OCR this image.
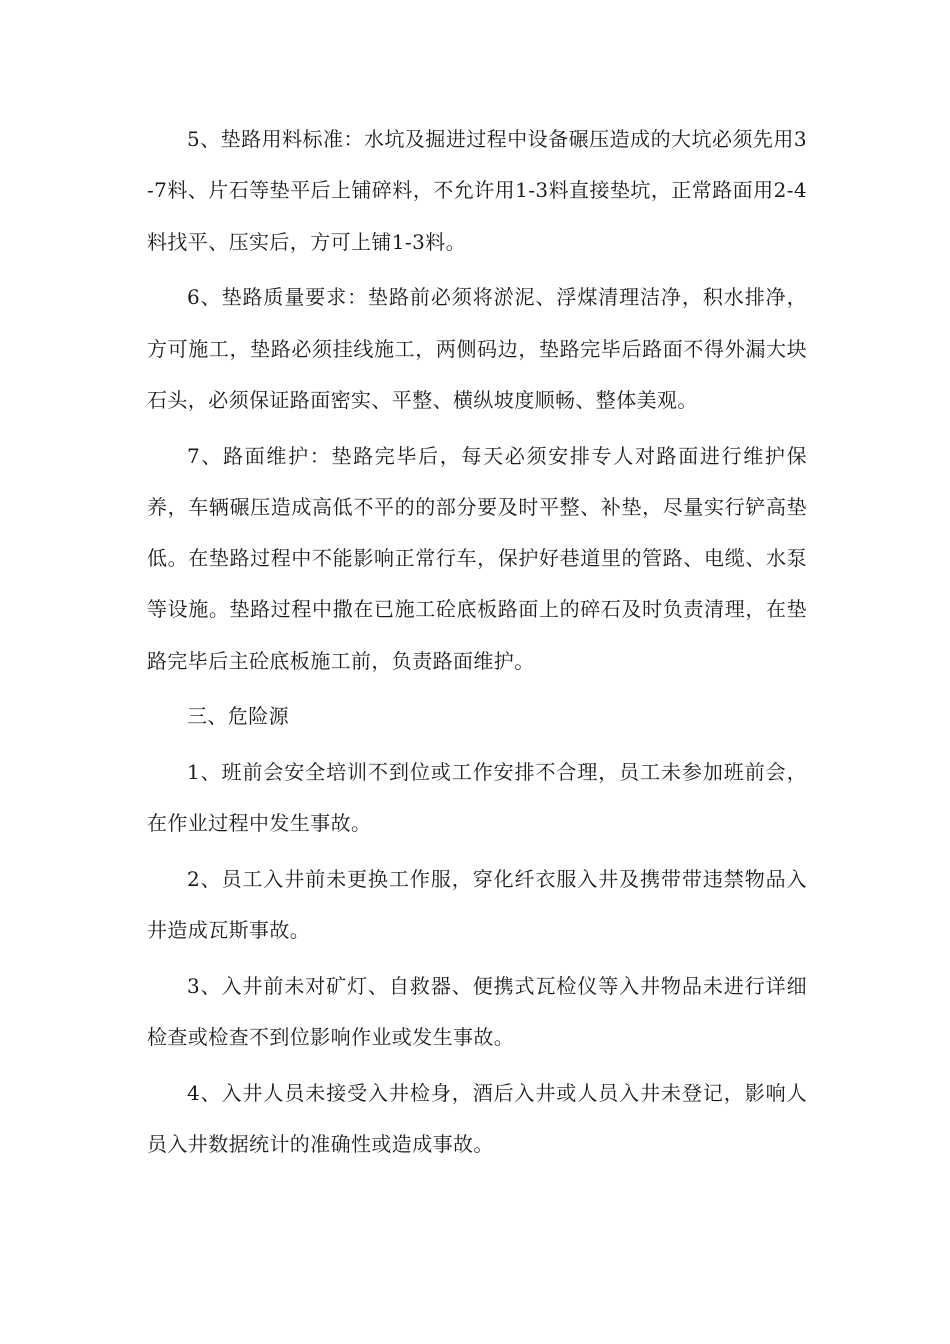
5、垫路用料标准：水坑及掘进过程中设备碾压造成的大坑必须先用3-7料、片石等垫平后上铺碎料，不允许用1-3料直接垫坑，正常路面用2-4料找平、压实后，方可上铺1-3料。

6、垫路质量要求：垫路前必须将淤泥、浮煤清理洁净，积水排净，方可施工，垫路必须挂线施工，两侧码边，垫路完毕后路面不得外漏大块石头，必须保证路面密实、平整、横纵坡度顺畅、整体美观。

7、路面维护：垫路完毕后，每天必须安排专人对路面进行维护保养，车辆碾压造成高低不平的的部分要及时平整、补垫，尽量实行铲高垫低。在垫路过程中不能影响正常行车，保护好巷道里的管路、电缆、水泵等设施。垫路过程中撒在已施工砼底板路面上的碎石及时负责清理，在垫路完毕后主砼底板施工前，负责路面维护。

三、危险源

1、班前会安全培训不到位或工作安排不合理，员工未参加班前会，在作业过程中发生事故。

2、员工入井前未更换工作服，穿化纤衣服入井及携带带违禁物品入井造成瓦斯事故。

3、入井前未对矿灯、自救器、便携式瓦检仪等入井物品未进行详细检查或检查不到位影响作业或发生事故。

4、入井人员未接受入井检身，酒后入井或人员入井未登记，影响人员入井数据统计的准确性或造成事故。
